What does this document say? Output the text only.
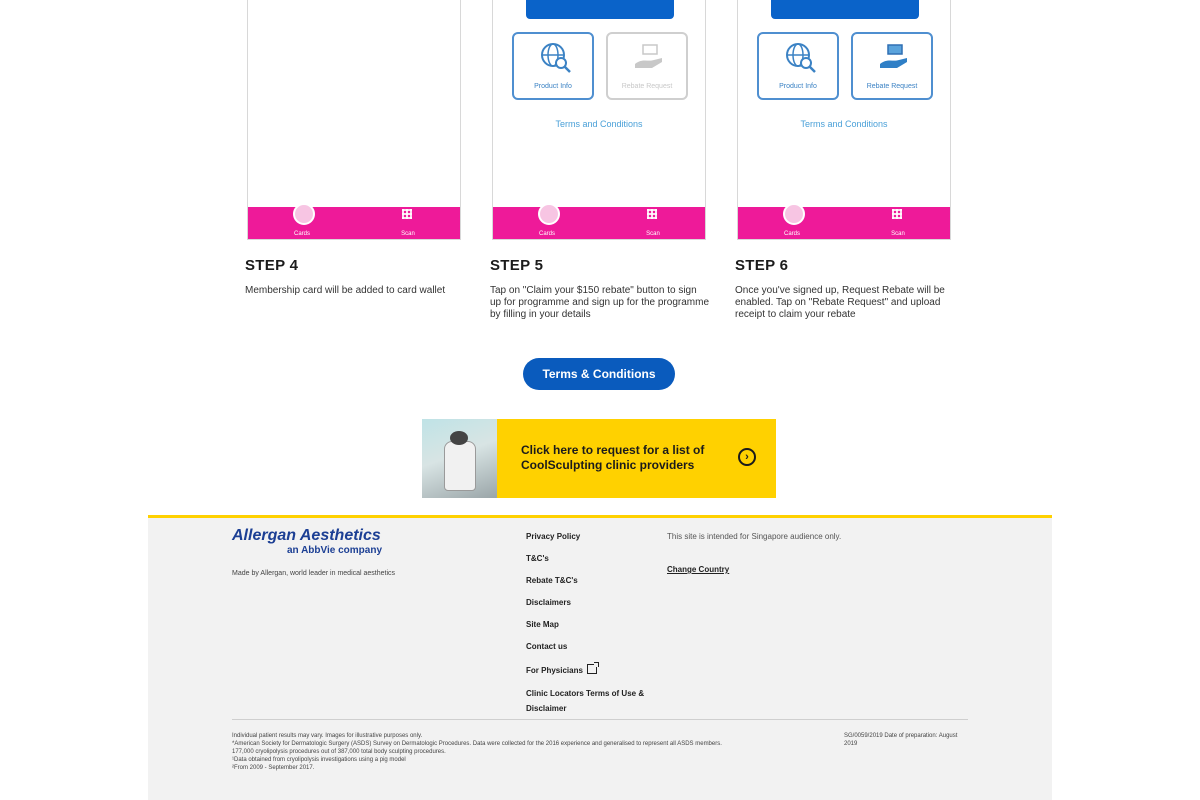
Cards	Scan
Product Info	Rebate Request
Terms and Conditions
Cards	Scan
Product Info	Rebate Request
Terms and Conditions
Cards	Scan
STEP 4
Membership card will be added to card wallet
STEP 5
Tap on "Claim your $150 rebate" button to sign up for programme and sign up for the programme by filling in your details
STEP 6
Once you've signed up, Request Rebate will be enabled. Tap on "Rebate Request" and upload receipt to claim your rebate
Terms & Conditions
Click here to request for a list of CoolSculpting clinic providers
›
Allergan Aesthetics
an AbbVie company
Made by Allergan, world leader in medical aesthetics
Privacy Policy
T&C's
Rebate T&C's
Disclaimers
Site Map
Contact us
For Physicians
Clinic Locators Terms of Use & Disclaimer
This site is intended for Singapore audience only.
Change Country
Individual patient results may vary. Images for illustrative purposes only.
*American Society for Dermatologic Surgery (ASDS) Survey on Dermatologic Procedures. Data were collected for the 2016 experience and generalised to represent all ASDS members.
177,000 cryolipolysis procedures out of 387,000 total body sculpting procedures.
¹Data obtained from cryolipolysis investigations using a pig model
²From 2009 - September 2017.
SG/0059/2019 Date of preparation: August 2019
